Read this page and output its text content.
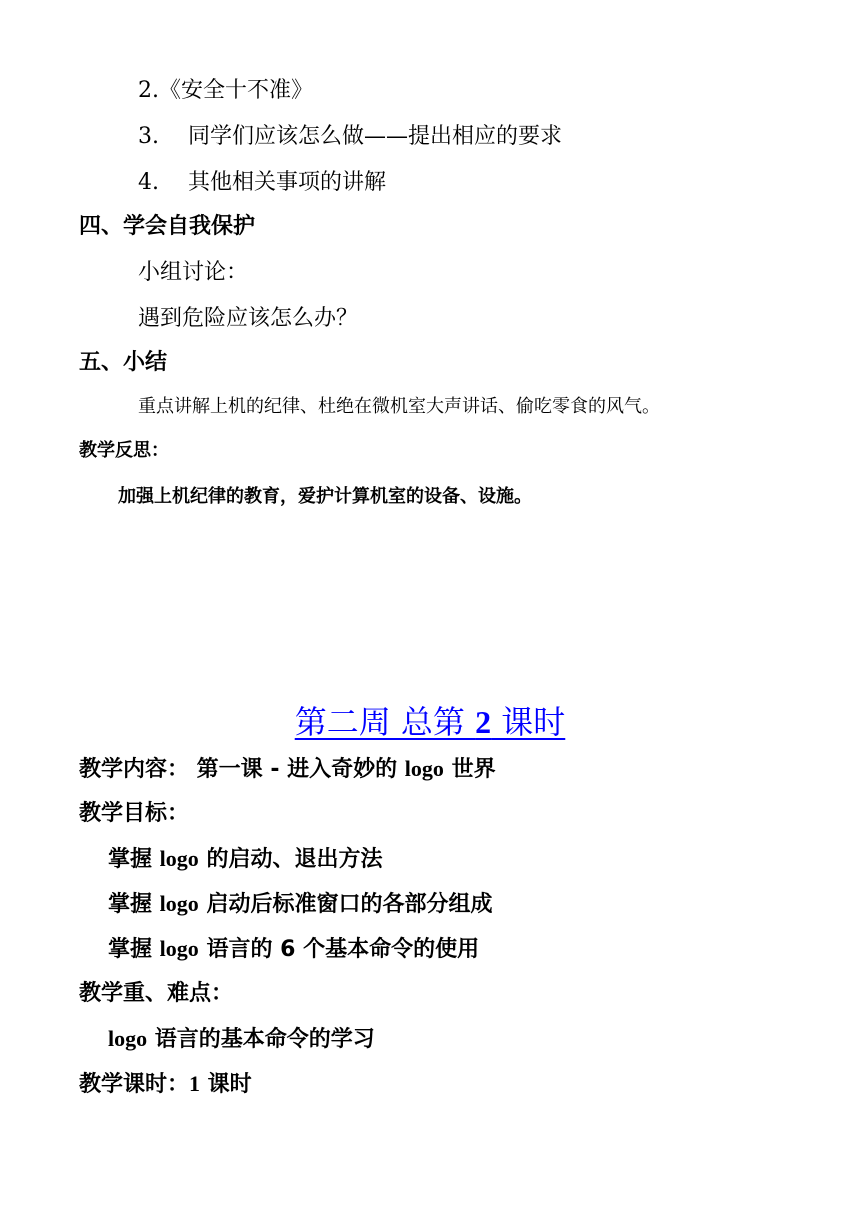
2.《安全十不准》
3. 同学们应该怎么做——提出相应的要求
4. 其他相关事项的讲解
四、学会自我保护
小组讨论：
遇到危险应该怎么办？
五、小结
重点讲解上机的纪律、杜绝在微机室大声讲话、偷吃零食的风气。
教学反思：
加强上机纪律的教育，爱护计算机室的设备、设施。
第二周 总第 2 课时
教学内容： 第一课 - 进入奇妙的 logo 世界
教学目标：
掌握 logo 的启动、退出方法
掌握 logo 启动后标准窗口的各部分组成
掌握 logo 语言的 6 个基本命令的使用
教学重、难点：
logo 语言的基本命令的学习
教学课时：1 课时
